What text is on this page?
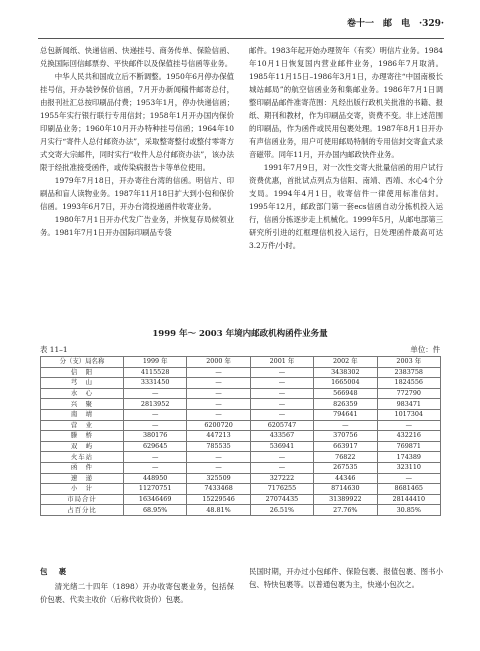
卷十一　邮　电　·329·

总包新闻纸、快递信函、快递挂号、商务传单、保险信函、兑换国际回信邮票券、平快邮件以及保值挂号信函等业务。

中华人民共和国成立后不断调整。1950年6月停办保值挂号信，开办装钞保价信函，7月开办新闻稿件邮寄总付，由报刊社汇总按印刷品付费；1953年1月，停办快递信函；1955年实行银行联行专用信封；1958年1月开办国内保价印刷品业务；1960年10月开办特种挂号信函；1964年10月实行“寄件人总付邮资办法”，采取整寄整付或整付零寄方式交寄大宗邮件，同时实行“收件人总付邮资办法”，该办法限于经批准接受函件，或传染病报告卡等单位使用。

1979年7月18日，开办寄往台湾的信函。明信片、印刷品和盲人读物业务。1987年11月18日扩大到小包和保价信函。1993年6月7日，开办台湾投递函件收寄业务。

1980年7月1日开办代发广告业务，并恢复存局候领业务。1981年7月1日开办国际印刷品专袋

邮件。1983年起开始办理贺年（有奖）明信片业务。1984年10月1日恢复国内营业邮件业务，1986年7月取消。1985年11月15日–1986年3月1日，办理寄往“中国南极长城站邮局”的航空信函业务和集邮业务。1986年7月1日调整印刷品邮件准寄范围：凡经出版行政机关批准的书籍、报纸、期刊和教材，作为印刷品交寄，资费不变。非上述范围的印刷品，作为函件或民用包裹处理。1987年8月1日开办有声信函业务，用户可使用邮局特制的专用信封交寄盒式录音磁带。同年11月，开办国内邮政快件业务。

1991年7月9日，对一次性交寄大批量信函的用户试行资费优惠，首批试点列点为信阳、南靖、西靖、水心4个分支局。1994年4月1日，收寄信件一律使用标准信封。1995年12月，邮政部门第一套ecs信函自动分拣机投入运行，信函分拣逐步走上机械化。1999年5月，从邮电部第三研究所引进的红框理信机投入运行，日处理函件最高可达3.2万件/小时。

1999 年～ 2003 年境内邮政机构函件业务量
表 11–1	单位：件
分（支）局名称	1999 年	2000 年	2001 年	2002 年	2003 年
信　阳	4115528	—	—	3438302	2383758
芎　山	3331450	—	—	1665004	1824556
水　心	—	—	—	566948	772790
兴　聚	2813952	—	—	826359	983471
南　靖	—	—	—	794641	1017304
营　业	—	6200720	6205747	—	—
滕　桥	380176	447213	433567	370756	432216
双　屿	629645	785535	536941	663917	769871
火车站	—	—	—	76822	174389
函　件	—	—	—	267535	323110
速　递	448950	325509	327222	44346	—
小　计	11270751	7433468	7176255	8714630	8681465
市局合计	16346469	15229546	27074435	31389922	28144410
占百分比	68.95%	48.81%	26.51%	27.76%	30.85%

包　裹

清光绪二十四年（1898）开办收寄包裹业务，包括保价包裹、代卖主收价（后称代收货价）包裹。

民国时期，开办过小包邮件、保险包裹、报值包裹、图书小包、特快包裹等。以普通包裹为主，快递小包次之。
